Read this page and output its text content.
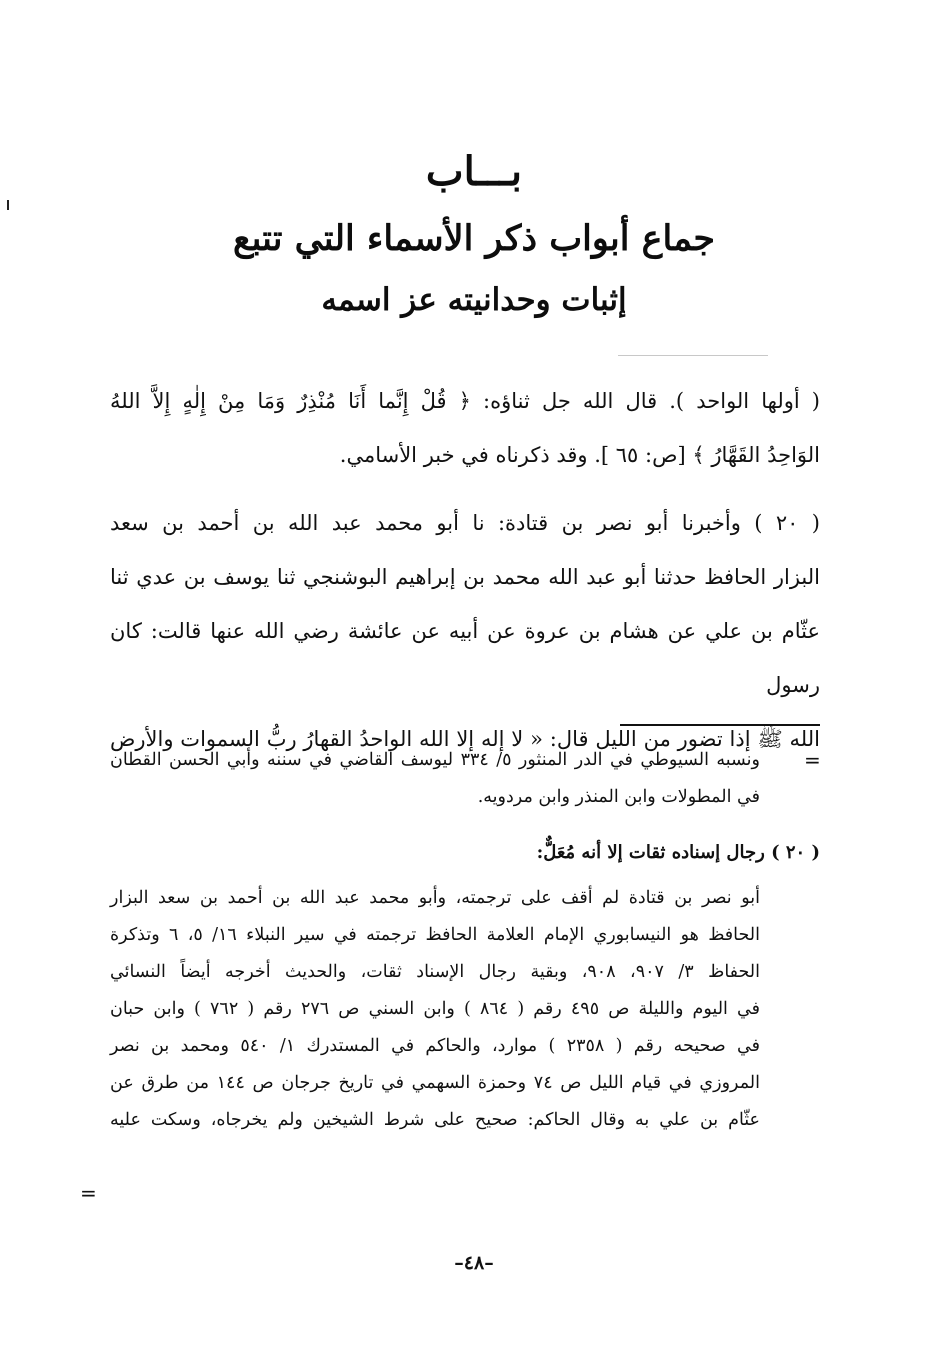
بـــاب
جماع أبواب ذكر الأسماء التي تتبع
إثبات وحدانيته عز اسمه
( أولها الواحد ). قال الله جل ثناؤه: ﴿ قُلْ إِنَّما أَنَا مُنْذِرٌ وَمَا مِنْ إِلٰهٍ إِلاَّ اللهُ
الوَاحِدُ القَهَّارُ ﴾ [ص: ٦٥ ]. وقد ذكرناه في خبر الأسامي.
( ٢٠ ) وأخبرنا أبو نصر بن قتادة: نا أبو محمد عبد الله بن أحمد بن سعد
البزار الحافظ حدثنا أبو عبد الله محمد بن إبراهيم البوشنجي ثنا يوسف بن عدي ثنا
عثّام بن علي عن هشام بن عروة عن أبيه عن عائشة رضي الله عنها قالت: كان رسول
الله ﷺ إذا تضور من الليل قال: « لا إله إلا الله الواحدُ القهارُ ربُّ السموات والأرض
=
ونسبه السيوطي في الدر المنثور ٥/ ٣٣٤ ليوسف القاضي في سننه وأبي الحسن القطان
في المطولات وابن المنذر وابن مردويه.
( ٢٠ ) رجال إسناده ثقات إلا أنه مُعَلٌّ:
أبو نصر بن قتادة لم أقف على ترجمته، وأبو محمد عبد الله بن أحمد بن سعد البزار
الحافظ هو النيسابوري الإمام العلامة الحافظ ترجمته في سير النبلاء ١٦/ ٥، ٦ وتذكرة
الحفاظ ٣/ ٩٠٧، ٩٠٨، وبقية رجال الإسناد ثقات، والحديث أخرجه أيضاً النسائي
في اليوم والليلة ص ٤٩٥ رقم ( ٨٦٤ ) وابن السني ص ٢٧٦ رقم ( ٧٦٢ ) وابن حبان
في صحيحه رقم ( ٢٣٥٨ ) موارد، والحاكم في المستدرك ١/ ٥٤٠ ومحمد بن نصر
المروزي في قيام الليل ص ٧٤ وحمزة السهمي في تاريخ جرجان ص ١٤٤ من طرق عن
عثّام بن علي به وقال الحاكم: صحيح على شرط الشيخين ولم يخرجاه، وسكت عليه
=
–٤٨–
